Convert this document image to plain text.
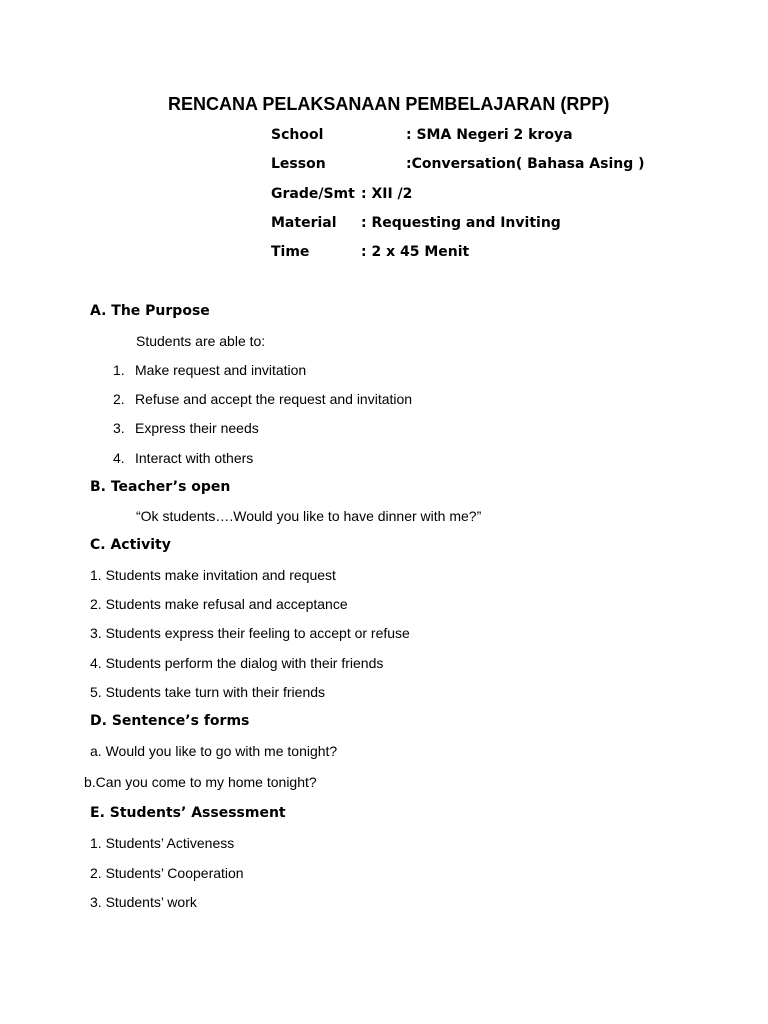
RENCANA PELAKSANAAN PEMBELAJARAN (RPP)
School	: SMA Negeri 2 kroya
Lesson	:Conversation( Bahasa Asing )
Grade/Smt : XII /2
Material : Requesting and Inviting
Time	: 2 x 45 Menit
A. The Purpose
Students are able to:
1. Make request and invitation
2. Refuse and accept the request and invitation
3. Express their needs
4. Interact with others
B. Teacher’s open
“Ok students….Would you like to have dinner with me?”
C. Activity
1. Students make invitation and request
2. Students make refusal and acceptance
3. Students express their feeling to accept or refuse
4. Students perform the dialog with their friends
5. Students take turn with their friends
D. Sentence’s forms
a. Would you like to go with me tonight?
b.Can you come to my home tonight?
E. Students’ Assessment
1. Students’ Activeness
2. Students’ Cooperation
3. Students’ work
